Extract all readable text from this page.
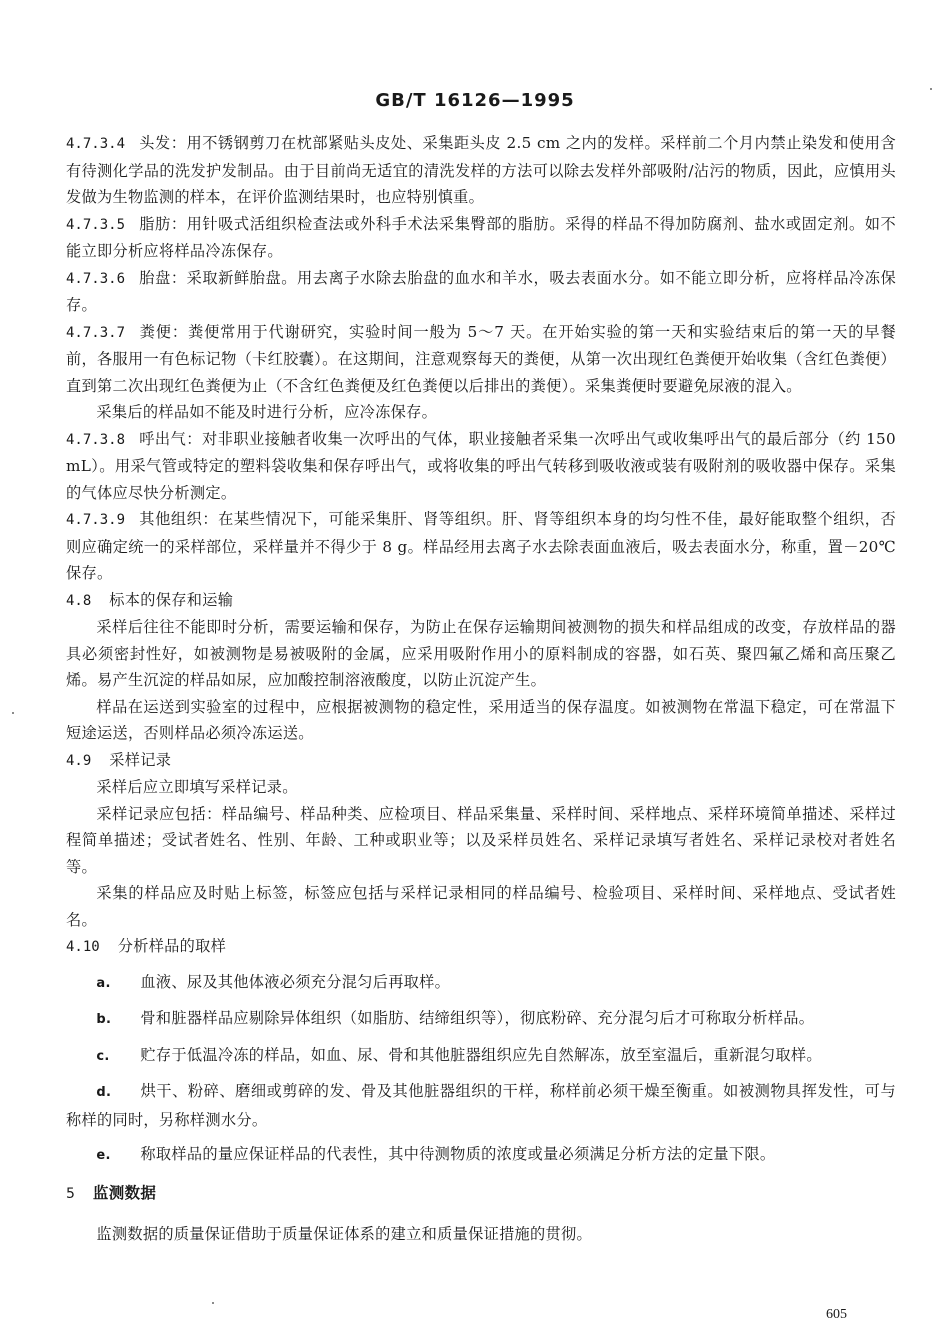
GB/T 16126—1995

4.7.3.4 头发：用不锈钢剪刀在枕部紧贴头皮处、采集距头皮 2.5 cm 之内的发样。采样前二个月内禁止染发和使用含有待测化学品的洗发护发制品。由于目前尚无适宜的清洗发样的方法可以除去发样外部吸附/沾污的物质，因此，应慎用头发做为生物监测的样本，在评价监测结果时，也应特别慎重。

4.7.3.5 脂肪：用针吸式活组织检查法或外科手术法采集臀部的脂肪。采得的样品不得加防腐剂、盐水或固定剂。如不能立即分析应将样品冷冻保存。

4.7.3.6 胎盘：采取新鲜胎盘。用去离子水除去胎盘的血水和羊水，吸去表面水分。如不能立即分析，应将样品冷冻保存。

4.7.3.7 粪便：粪便常用于代谢研究，实验时间一般为 5～7 天。在开始实验的第一天和实验结束后的第一天的早餐前，各服用一有色标记物（卡红胶囊）。在这期间，注意观察每天的粪便，从第一次出现红色粪便开始收集（含红色粪便）直到第二次出现红色粪便为止（不含红色粪便及红色粪便以后排出的粪便）。采集粪便时要避免尿液的混入。

采集后的样品如不能及时进行分析，应冷冻保存。

4.7.3.8 呼出气：对非职业接触者收集一次呼出的气体，职业接触者采集一次呼出气或收集呼出气的最后部分（约 150 mL）。用采气管或特定的塑料袋收集和保存呼出气，或将收集的呼出气转移到吸收液或装有吸附剂的吸收器中保存。采集的气体应尽快分析测定。

4.7.3.9 其他组织：在某些情况下，可能采集肝、肾等组织。肝、肾等组织本身的均匀性不佳，最好能取整个组织，否则应确定统一的采样部位，采样量并不得少于 8 g。样品经用去离子水去除表面血液后，吸去表面水分，称重，置－20℃保存。

4.8 标本的保存和运输

采样后往往不能即时分析，需要运输和保存，为防止在保存运输期间被测物的损失和样品组成的改变，存放样品的器具必须密封性好，如被测物是易被吸附的金属，应采用吸附作用小的原料制成的容器，如石英、聚四氟乙烯和高压聚乙烯。易产生沉淀的样品如尿，应加酸控制溶液酸度，以防止沉淀产生。

样品在运送到实验室的过程中，应根据被测物的稳定性，采用适当的保存温度。如被测物在常温下稳定，可在常温下短途运送，否则样品必须冷冻运送。

4.9 采样记录

采样后应立即填写采样记录。

采样记录应包括：样品编号、样品种类、应检项目、样品采集量、采样时间、采样地点、采样环境简单描述、采样过程简单描述；受试者姓名、性别、年龄、工种或职业等；以及采样员姓名、采样记录填写者姓名、采样记录校对者姓名等。

采集的样品应及时贴上标签，标签应包括与采样记录相同的样品编号、检验项目、采样时间、采样地点、受试者姓名。

4.10 分析样品的取样

a. 血液、尿及其他体液必须充分混匀后再取样。

b. 骨和脏器样品应剔除异体组织（如脂肪、结缔组织等），彻底粉碎、充分混匀后才可称取分析样品。

c. 贮存于低温冷冻的样品，如血、尿、骨和其他脏器组织应先自然解冻，放至室温后，重新混匀取样。

d. 烘干、粉碎、磨细或剪碎的发、骨及其他脏器组织的干样，称样前必须干燥至衡重。如被测物具挥发性，可与称样的同时，另称样测水分。

e. 称取样品的量应保证样品的代表性，其中待测物质的浓度或量必须满足分析方法的定量下限。

5 监测数据

监测数据的质量保证借助于质量保证体系的建立和质量保证措施的贯彻。

605
